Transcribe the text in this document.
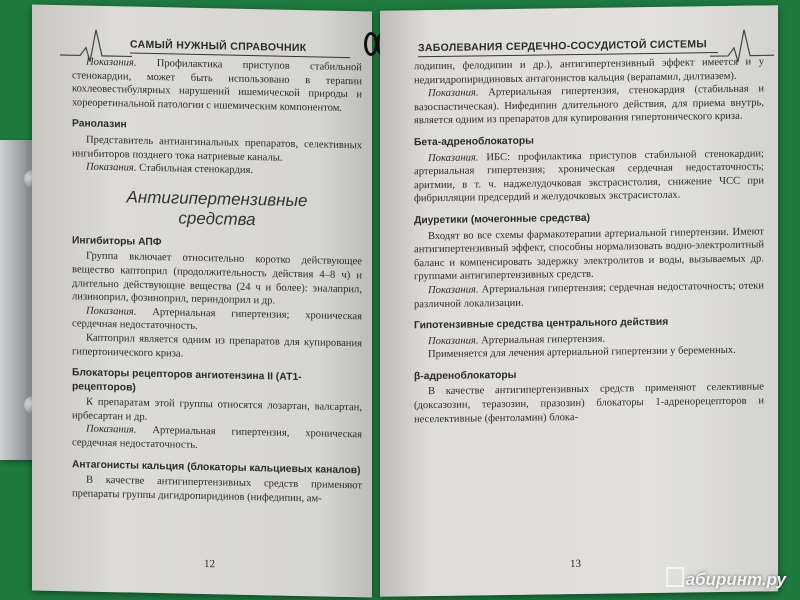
САМЫЙ НУЖНЫЙ СПРАВОЧНИК

Показания. Профилактика приступов стабильной стенокардии, может быть использовано в терапии кохлеовестибулярных нарушений ишемической природы и хореоретинальной патологии с ишемическим компонентом.

Ранолазин

Представитель антиангинальных препаратов, селективных ингибиторов позднего тока натриевые каналы.

Показания. Стабильная стенокардия.

Антигипертензивные
средства
Ингибиторы АПФ

Группа включает относительно коротко действующее вещество каптоприл (продолжительность действия 4–8 ч) и длительно действующие вещества (24 ч и более): эналаприл, лизиноприл, фозиноприл, периндоприл и др.

Показания. Артериальная гипертензия; хроническая сердечная недостаточность.

Каптоприл является одним из препаратов для купирования гипертонического криза.

Блокаторы рецепторов ангиотензина II (АТ1-рецепторов)

К препаратам этой группы относятся лозартан, валсартан, ирбесартан и др.

Показания. Артериальная гипертензия, хроническая сердечная недостаточность.

Антагонисты кальция (блокаторы кальциевых каналов)

В качестве антигипертензивных средств применяют препараты группы дигидропиридинов (нифедипин, ам-

12
ЗАБОЛЕВАНИЯ СЕРДЕЧНО-СОСУДИСТОЙ СИСТЕМЫ

лодипин, фелодипин и др.), антигипертензивный эффект имеется и у недигидропиридиновых антагонистов кальция (верапамил, дилтиазем).

Показания. Артериальная гипертензия, стенокардия (стабильная и вазоспастическая). Нифедипин длительного действия, для приема внутрь, является одним из препаратов для купирования гипертонического криза.

Бета-адреноблокаторы

Показания. ИБС: профилактика приступов стабильной стенокардии; артериальная гипертензия; хроническая сердечная недостаточность; аритмии, в т. ч. наджелудочковая экстрасистолия, снижение ЧСС при фибрилляции предсердий и желудочковых экстрасистолах.

Диуретики (мочегонные средства)

Входят во все схемы фармакотерапии артериальной гипертензии. Имеют антигипертензивный эффект, способны нормализовать водно-электролитный баланс и компенсировать задержку электролитов и воды, вызываемых др. группами антигипертензивных средств.

Показания. Артериальная гипертензия; сердечная недостаточность; отеки различной локализации.

Гипотензивные средства центрального действия

Показания. Артериальная гипертензия.

Применяется для лечения артериальной гипертензии у беременных.

β-адреноблокаторы

В качестве антигипертензивных средств применяют селективные (доксазозин, теразозин, празозин) блокаторы 1-адренорецепторов и неселективные (фентоламин) блока-

13
абиринт.ру
